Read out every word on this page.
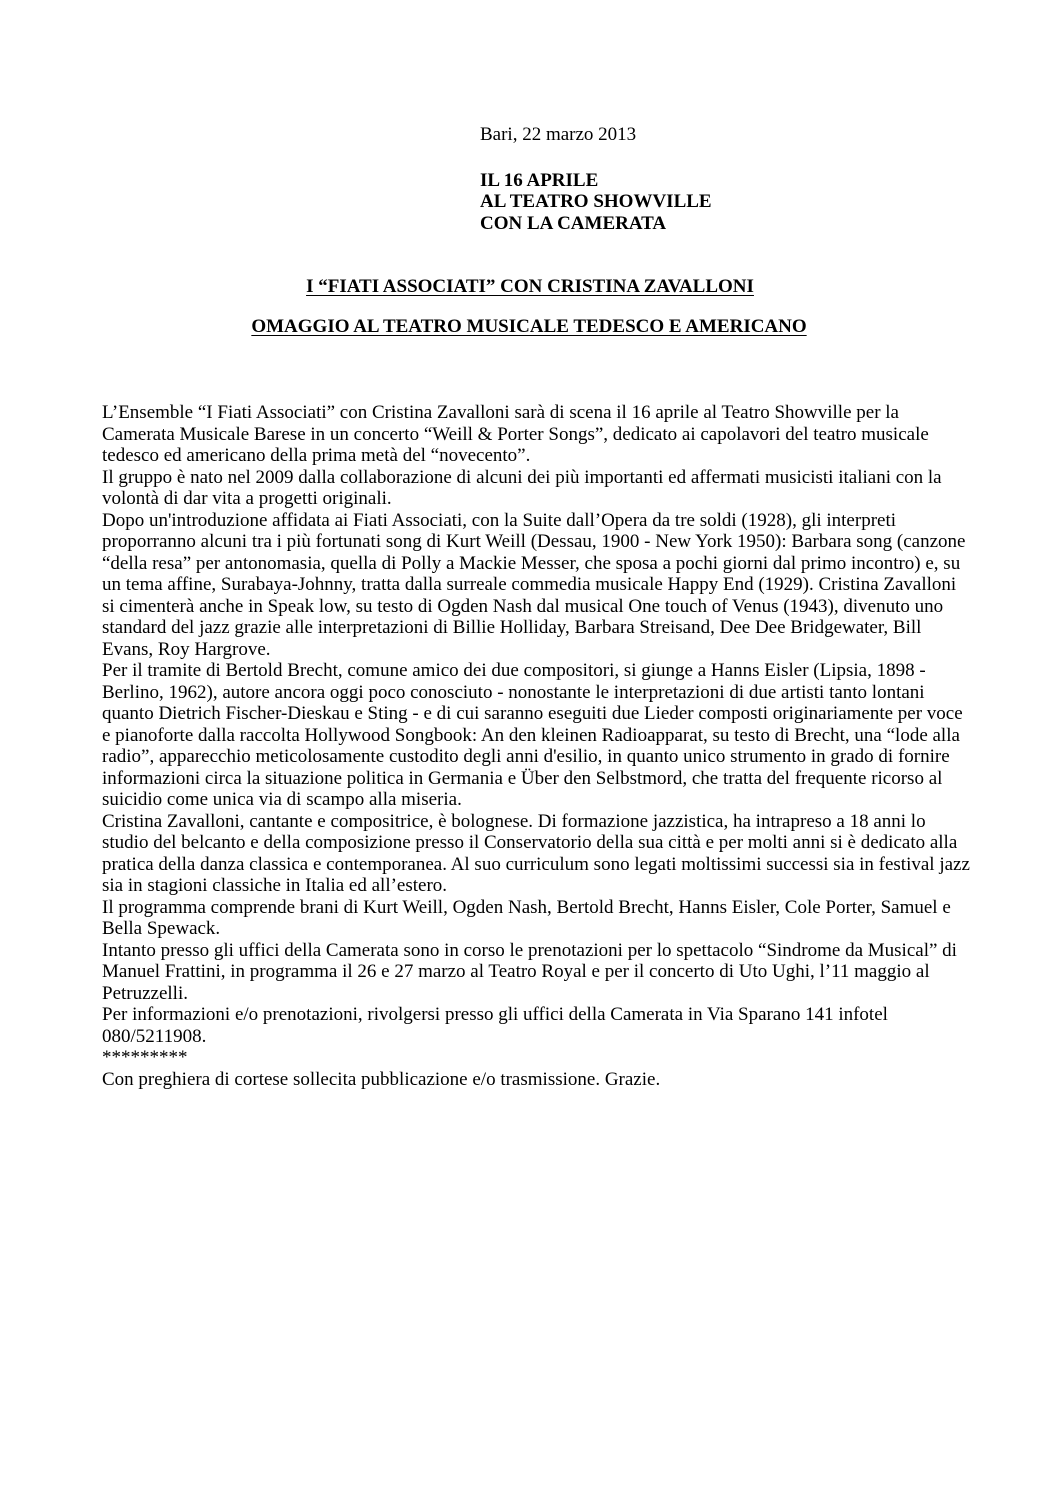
Bari, 22 marzo 2013
IL 16 APRILE
AL TEATRO SHOWVILLE
CON LA CAMERATA

I “FIATI ASSOCIATI” CON CRISTINA ZAVALLONI

OMAGGIO AL TEATRO MUSICALE TEDESCO E AMERICANO

L’Ensemble “I Fiati Associati” con Cristina Zavalloni sarà di scena il 16 aprile al Teatro Showville per la Camerata Musicale Barese in un concerto “Weill & Porter Songs”, dedicato ai capolavori del teatro musicale tedesco ed americano della prima metà del “novecento”.

Il gruppo è nato nel 2009 dalla collaborazione di alcuni dei più importanti ed affermati musicisti italiani con la volontà di dar vita a progetti originali.

Dopo un'introduzione affidata ai Fiati Associati, con la Suite dall’Opera da tre soldi (1928), gli interpreti proporranno alcuni tra i più fortunati song di Kurt Weill (Dessau, 1900 - New York 1950): Barbara song (canzone “della resa” per antonomasia, quella di Polly a Mackie Messer, che sposa a pochi giorni dal primo incontro) e, su un tema affine, Surabaya-Johnny, tratta dalla surreale commedia musicale Happy End (1929). Cristina Zavalloni si cimenterà anche in Speak low, su testo di Ogden Nash dal musical One touch of Venus (1943), divenuto uno standard del jazz grazie alle interpretazioni di Billie Holliday, Barbara Streisand, Dee Dee Bridgewater, Bill Evans, Roy Hargrove.

Per il tramite di Bertold Brecht, comune amico dei due compositori, si giunge a Hanns Eisler (Lipsia, 1898 - Berlino, 1962), autore ancora oggi poco conosciuto - nonostante le interpretazioni di due artisti tanto lontani quanto Dietrich Fischer-Dieskau e Sting - e di cui saranno eseguiti due Lieder composti originariamente per voce e pianoforte dalla raccolta Hollywood Songbook: An den kleinen Radioapparat, su testo di Brecht, una “lode alla radio”, apparecchio meticolosamente custodito degli anni d'esilio, in quanto unico strumento in grado di fornire informazioni circa la situazione politica in Germania e Über den Selbstmord, che tratta del frequente ricorso al suicidio come unica via di scampo alla miseria.

Cristina Zavalloni, cantante e compositrice, è bolognese. Di formazione jazzistica, ha intrapreso a 18 anni lo studio del belcanto e della composizione presso il Conservatorio della sua città e per molti anni si è dedicato alla pratica della danza classica e contemporanea. Al suo curriculum sono legati moltissimi successi sia in festival jazz sia in stagioni classiche in Italia ed all’estero.

Il programma comprende brani di Kurt Weill, Ogden Nash, Bertold Brecht, Hanns Eisler, Cole Porter, Samuel e Bella Spewack.

Intanto presso gli uffici della Camerata sono in corso le prenotazioni per lo spettacolo “Sindrome da Musical” di Manuel Frattini, in programma il 26 e 27 marzo al Teatro Royal e per il concerto di Uto Ughi, l’11 maggio al Petruzzelli.

Per informazioni e/o prenotazioni, rivolgersi presso gli uffici della Camerata in Via Sparano 141 infotel 080/5211908.

*********

Con preghiera di cortese sollecita pubblicazione e/o trasmissione. Grazie.
